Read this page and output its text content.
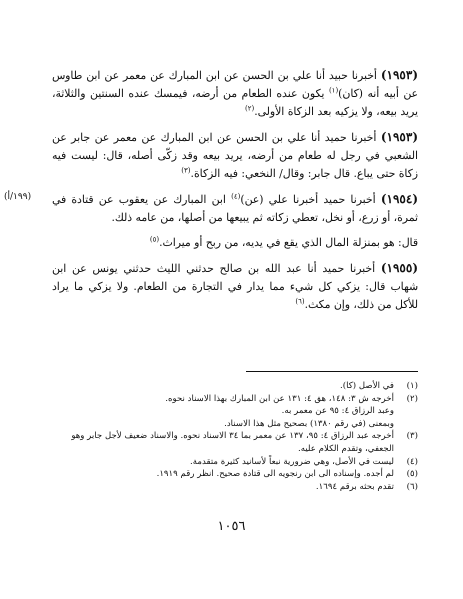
(١٩٥٣) أخبرنا حبيد أنا علي بن الحسن عن ابن المبارك عن معمر عن ابن طاوس عن أبيه أنه (كان)$^{(١)}$ يكون عنده الطعام من أرضه، فيمسك عنده السنتين والثلاثة، يريد بيعه، ولا يزكيه بعد الزكاة الأولى.$^{(٢)}$

(١٩٥٣) أخبرنا حميد أنا علي بن الحسن عن ابن المبارك عن معمر عن جابر عن الشعبي في رجل له طعام من أرضه، يريد بيعه وقد زكّى أصله، قال: ليست فيه زكاة حتى يباع. قال جابر: وقال/ النخعي: فيه الزكاة.$^{(٣)}$

(١٩٥٤) أخبرنا حميد أخبرنا علي (عن)$^{(٤)}$ ابن المبارك عن يعقوب عن قتادة في ثمرة، أو زرع، أو نخل، تعطي زكاته ثم يبيعها من أصلها، من عامه ذلك.

قال: هو بمنزلة المال الذي يقع في يديه، من ربح أو ميراث.$^{(٥)}$

(١٩٥٥) أخبرنا حميد أنا عبد الله بن صالح حدثني الليث حدثني يونس عن ابن شهاب قال: يزكي كل شيء مما يدار في التجارة من الطعام. ولا يزكي ما يراد للأكل من ذلك، وإن مكث.$^{(٦)}$

(١٩٩/أ)
(١)
في الأصل (كا).
(٢)
أخرجه ش ٣: ١٤٨، هق ٤: ١٣١ عن ابن المبارك بهذا الاسناد نحوه.
وعبد الرزاق ٤: ٩٥ عن معمر به.
وبمعنى (في رقم ١٣٨٠) بصحيح مثل هذا الاسناد.
(٣)
أخرجه عبد الرزاق ٤: ٩٥، ١٣٧ عن معمر بما ٣٤ الاسناد نحوه. والاسناد ضعيف لأجل جابر وهو الجعفي، وتقدم الكلام عليه.
(٤)
ليست في الأصل، وهي ضرورية نبعاً لأسانيد كثيرة متقدمة.
(٥)
لم أجده. وإسناده الى ابن رنجويه الى قتادة صحيح. انظر رقم ١٩١٩.
(٦)
تقدم بحثه برقم ١٦٩٤.
١٠٥٦
